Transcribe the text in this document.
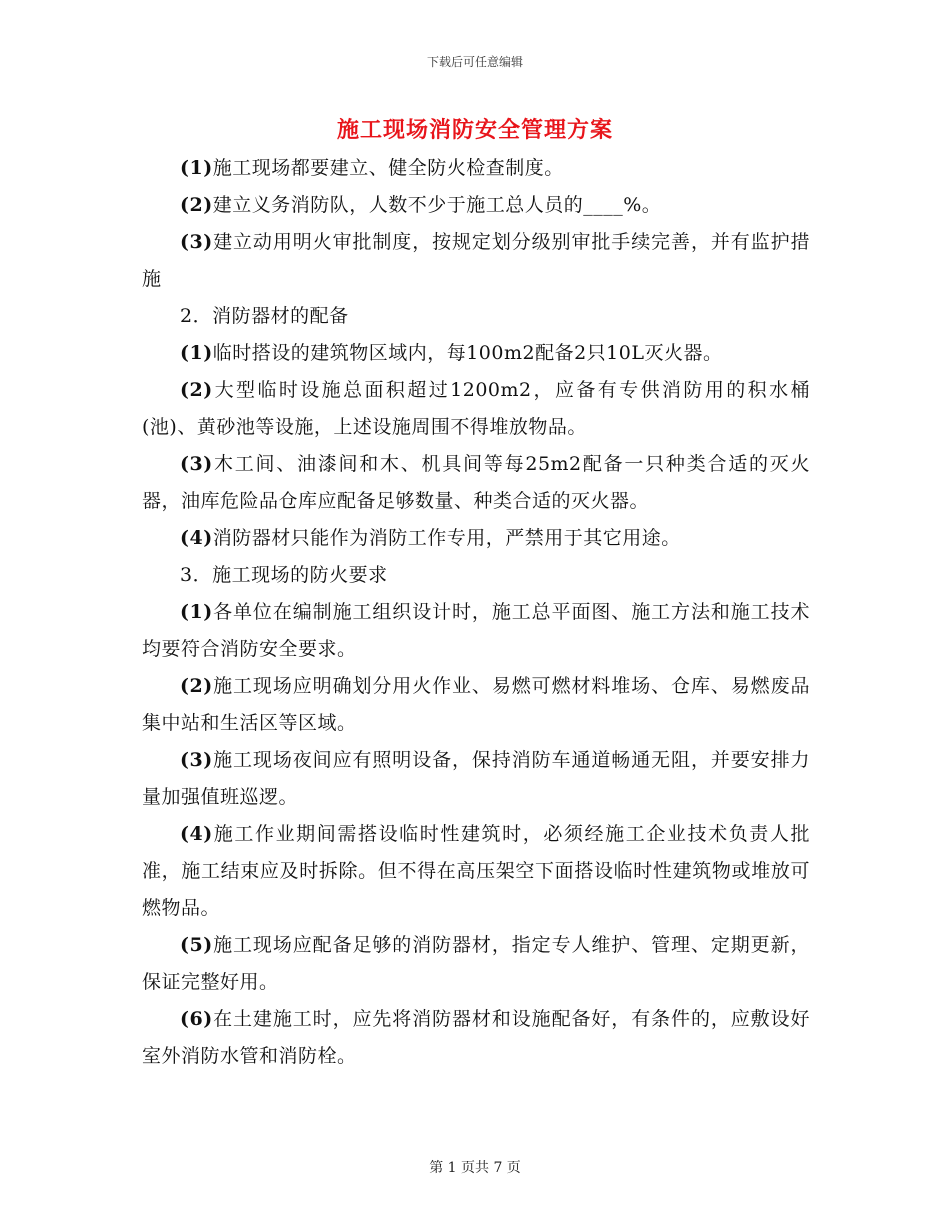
下载后可任意编辑
施工现场消防安全管理方案

(1)施工现场都要建立、健全防火检查制度。

(2)建立义务消防队，人数不少于施工总人员的____%。

(3)建立动用明火审批制度，按规定划分级别审批手续完善，并有监护措施

2．消防器材的配备

(1)临时搭设的建筑物区域内，每100m2配备2只10L灭火器。

(2)大型临时设施总面积超过1200m2，应备有专供消防用的积水桶(池)、黄砂池等设施，上述设施周围不得堆放物品。

(3)木工间、油漆间和木、机具间等每25m2配备一只种类合适的灭火器，油库危险品仓库应配备足够数量、种类合适的灭火器。

(4)消防器材只能作为消防工作专用，严禁用于其它用途。

3．施工现场的防火要求

(1)各单位在编制施工组织设计时，施工总平面图、施工方法和施工技术均要符合消防安全要求。

(2)施工现场应明确划分用火作业、易燃可燃材料堆场、仓库、易燃废品集中站和生活区等区域。

(3)施工现场夜间应有照明设备，保持消防车通道畅通无阻，并要安排力量加强值班巡逻。

(4)施工作业期间需搭设临时性建筑时，必须经施工企业技术负责人批准，施工结束应及时拆除。但不得在高压架空下面搭设临时性建筑物或堆放可燃物品。

(5)施工现场应配备足够的消防器材，指定专人维护、管理、定期更新，保证完整好用。

(6)在土建施工时，应先将消防器材和设施配备好，有条件的，应敷设好室外消防水管和消防栓。

第 1 页共 7 页
